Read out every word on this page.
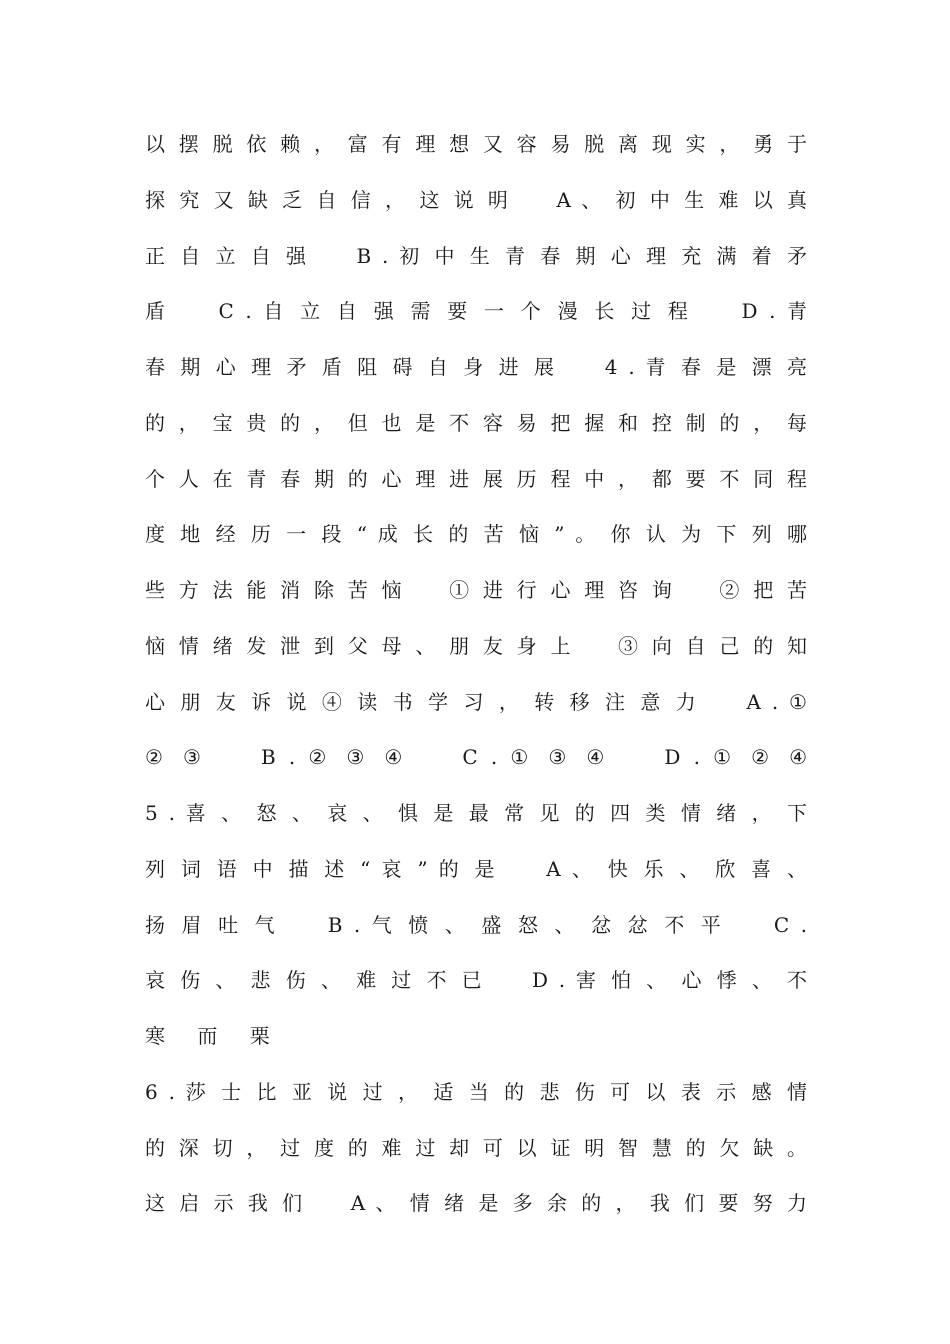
以 摆 脱 依 赖 ， 富 有 理 想 又 容 易 脱 离 现 实 ， 勇 于
探 究 又 缺 乏 自 信 ， 这 说 明 　 A 、 初 中 生 难 以 真
正 自 立 自 强 　 B . 初 中 生 青 春 期 心 理 充 满 着 矛
盾 　 C . 自 立 自 强 需 要 一 个 漫 长 过 程 　 D . 青
春 期 心 理 矛 盾 阻 碍 自 身 进 展 　 4 . 青 春 是 漂 亮
的 ， 宝 贵 的 ， 但 也 是 不 容 易 把 握 和 控 制 的 ， 每
个 人 在 青 春 期 的 心 理 进 展 历 程 中 ， 都 要 不 同 程
度 地 经 历 一 段 “ 成 长 的 苦 恼 ” 。 你 认 为 下 列 哪
些 方 法 能 消 除 苦 恼 　 ① 进 行 心 理 咨 询 　 ② 把 苦
恼 情 绪 发 泄 到 父 母 、 朋 友 身 上 　 ③ 向 自 己 的 知
心 朋 友 诉 说 ④ 读 书 学 习 ， 转 移 注 意 力 　 A . ①
② ③ 　 B . ② ③ ④ 　 C . ① ③ ④ 　 D . ① ② ④
5 . 喜 、 怒 、 哀 、 惧 是 最 常 见 的 四 类 情 绪 ， 下
列 词 语 中 描 述 “ 哀 ” 的 是 　 A 、 快 乐 、 欣 喜 、
扬 眉 吐 气 　 B . 气 愤 、 盛 怒 、 忿 忿 不 平 　 C .
哀 伤 、 悲 伤 、 难 过 不 已 　 D . 害 怕 、 心 悸 、 不
寒 而 栗
6 . 莎 士 比 亚 说 过 ， 适 当 的 悲 伤 可 以 表 示 感 情
的 深 切 ， 过 度 的 难 过 却 可 以 证 明 智 慧 的 欠 缺 。
这 启 示 我 们 　 A 、 情 绪 是 多 余 的 ， 我 们 要 努 力
